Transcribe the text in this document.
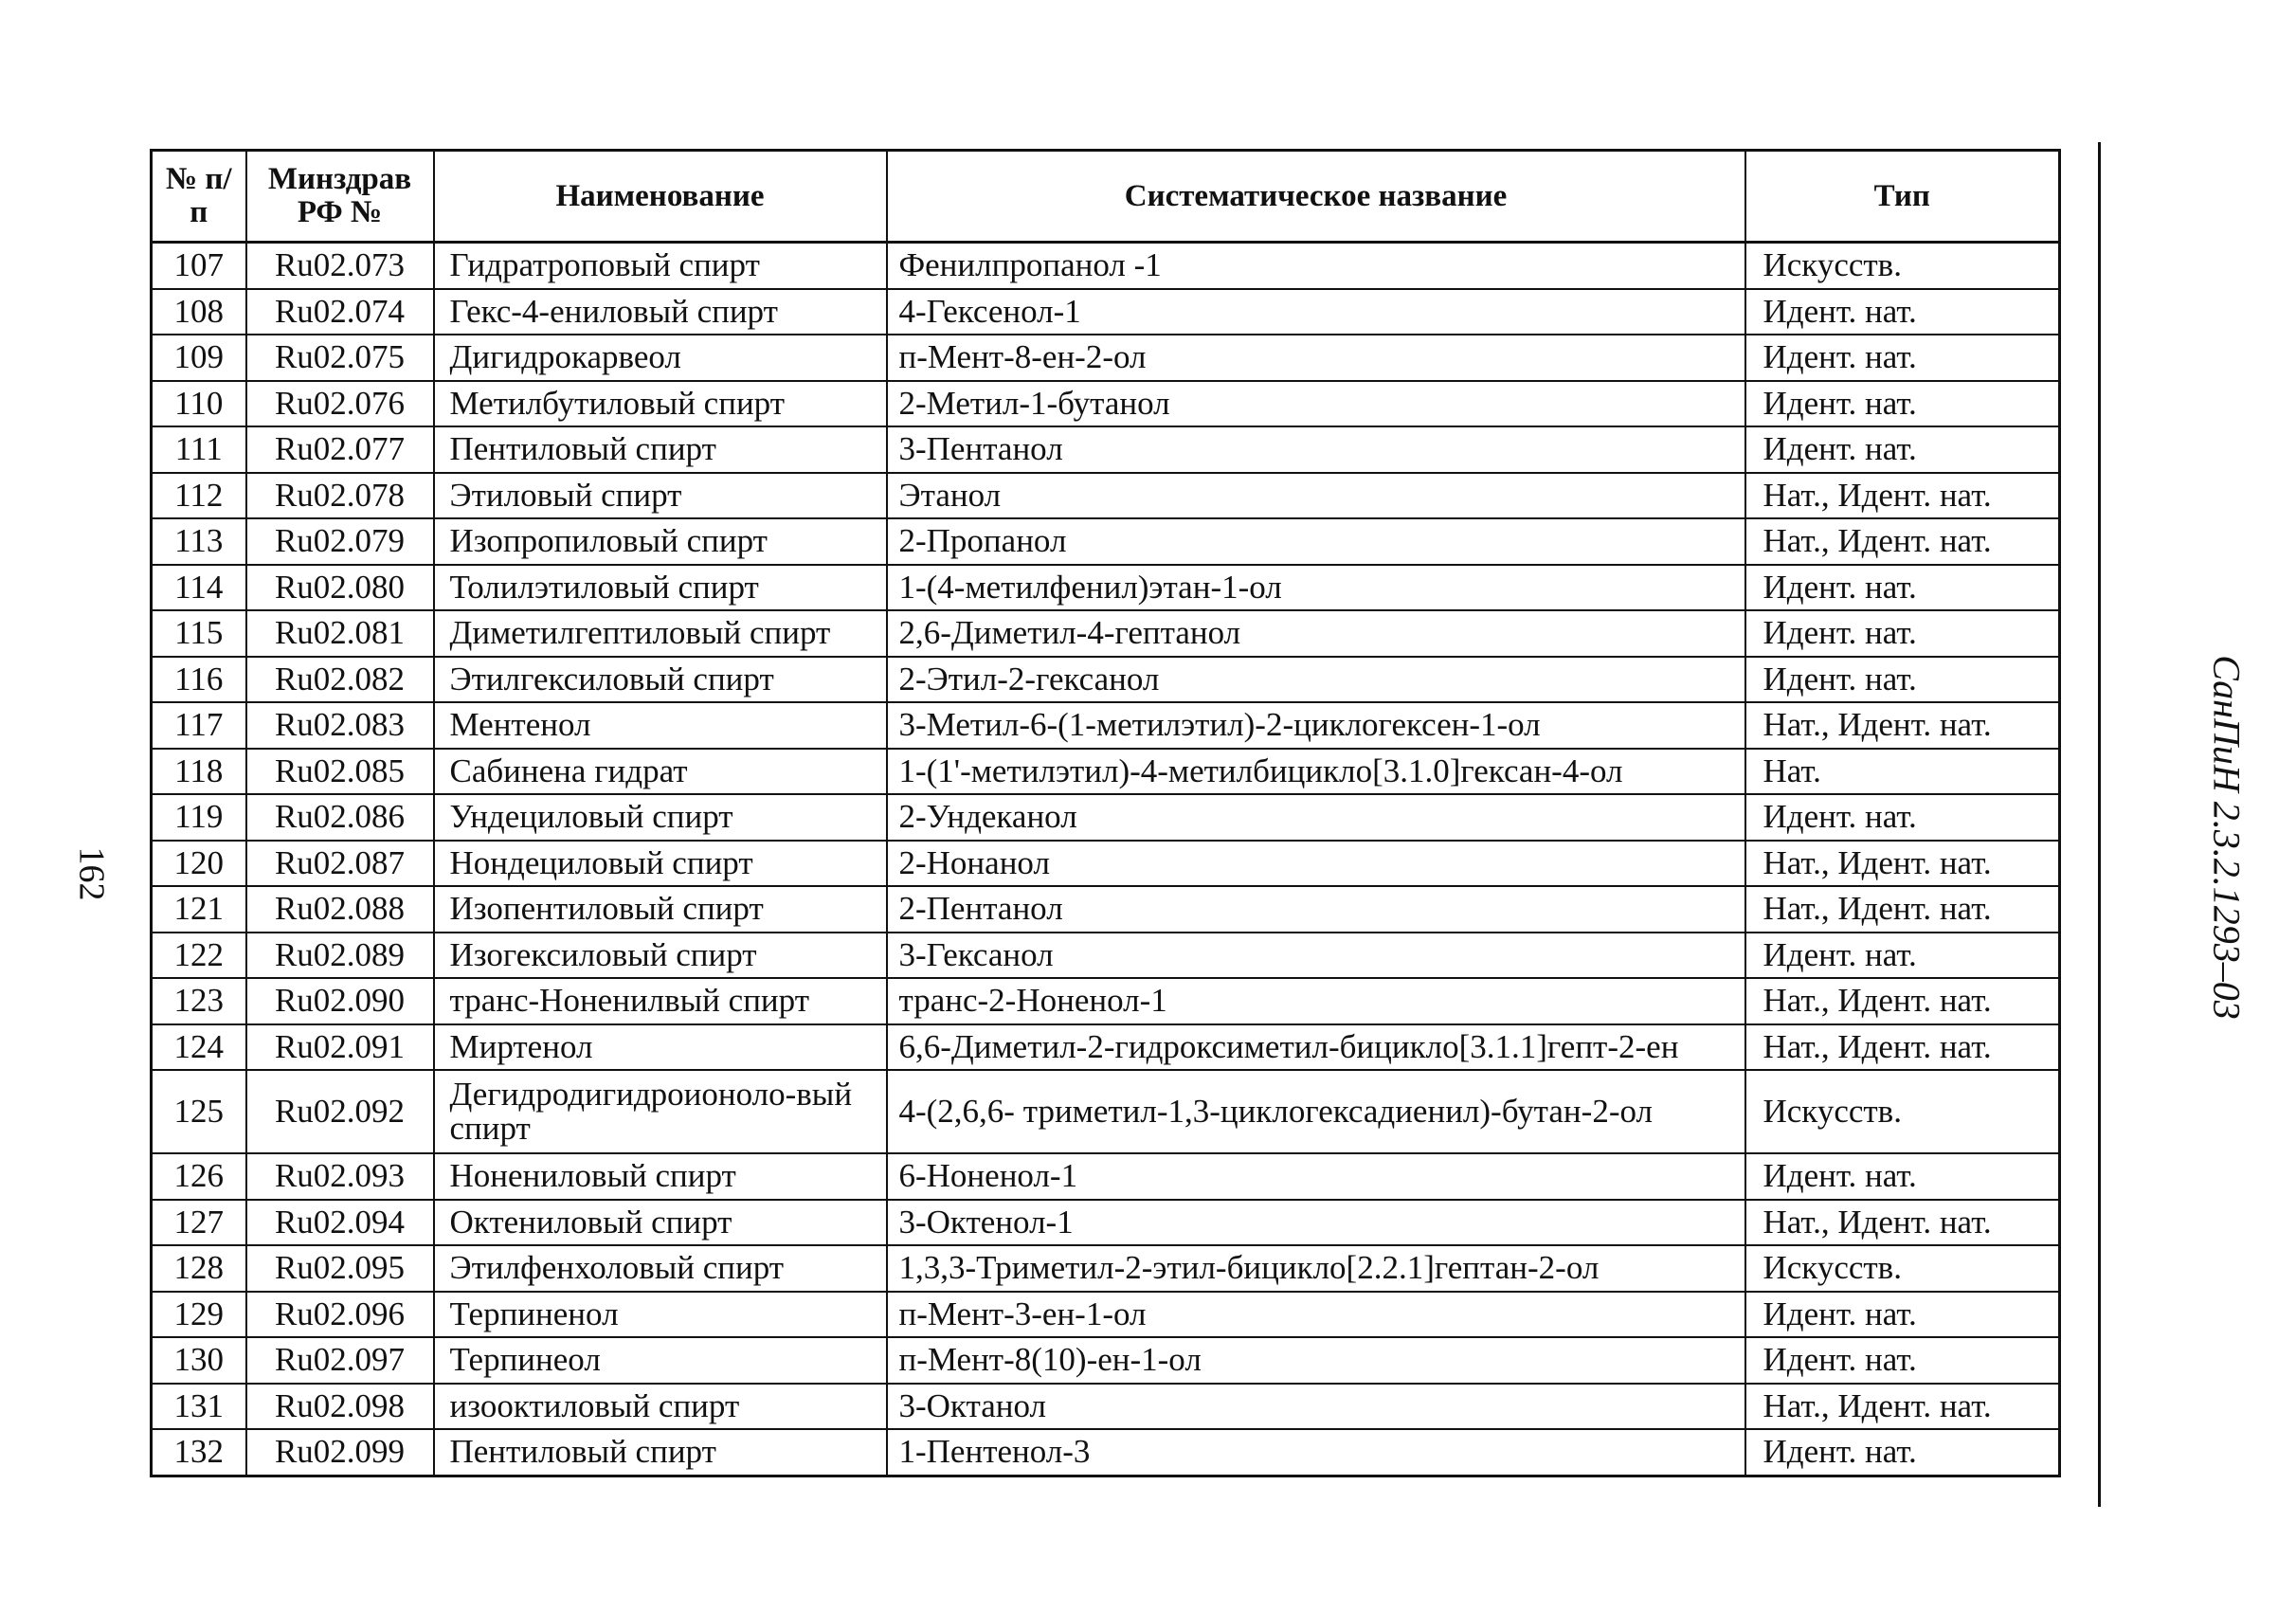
162
№ п/п	Минздрав РФ №	Наименование	Систематическое название	Тип
107	Ru02.073	Гидратроповый спирт	Фенилпропанол -1	Искусств.
108	Ru02.074	Гекс-4-ениловый спирт	4-Гексенол-1	Идент. нат.
109	Ru02.075	Дигидрокарвеол	п-Мент-8-ен-2-ол	Идент. нат.
110	Ru02.076	Метилбутиловый спирт	2-Метил-1-бутанол	Идент. нат.
111	Ru02.077	Пентиловый спирт	3-Пентанол	Идент. нат.
112	Ru02.078	Этиловый спирт	Этанол	Нат., Идент. нат.
113	Ru02.079	Изопропиловый спирт	2-Пропанол	Нат., Идент. нат.
114	Ru02.080	Толилэтиловый спирт	1-(4-метилфенил)этан-1-ол	Идент. нат.
115	Ru02.081	Диметилгептиловый спирт	2,6-Диметил-4-гептанол	Идент. нат.
116	Ru02.082	Этилгексиловый спирт	2-Этил-2-гексанол	Идент. нат.
117	Ru02.083	Ментенол	3-Метил-6-(1-метилэтил)-2-циклогексен-1-ол	Нат., Идент. нат.
118	Ru02.085	Сабинена гидрат	1-(1'-метилэтил)-4-метилбицикло[3.1.0]гексан-4-ол	Нат.
119	Ru02.086	Ундециловый спирт	2-Ундеканол	Идент. нат.
120	Ru02.087	Нондециловый спирт	2-Нонанол	Нат., Идент. нат.
121	Ru02.088	Изопентиловый спирт	2-Пентанол	Нат., Идент. нат.
122	Ru02.089	Изогексиловый спирт	3-Гексанол	Идент. нат.
123	Ru02.090	транс-Ноненилвый спирт	транс-2-Ноненол-1	Нат., Идент. нат.
124	Ru02.091	Миртенол	6,6-Диметил-2-гидроксиметил-бицикло[3.1.1]гепт-2-ен	Нат., Идент. нат.
125	Ru02.092	Дегидродигидроионоло-вый спирт	4-(2,6,6- триметил-1,3-циклогексадиенил)-бутан-2-ол	Искусств.
126	Ru02.093	Ноненилoвый спирт	6-Ноненол-1	Идент. нат.
127	Ru02.094	Октениловый спирт	3-Октенол-1	Нат., Идент. нат.
128	Ru02.095	Этилфенхоловый спирт	1,3,3-Триметил-2-этил-бицикло[2.2.1]гептан-2-ол	Искусств.
129	Ru02.096	Терпиненол	п-Мент-3-ен-1-ол	Идент. нат.
130	Ru02.097	Терпинеол	п-Мент-8(10)-ен-1-ол	Идент. нат.
131	Ru02.098	изооктиловый спирт	3-Октанол	Нат., Идент. нат.
132	Ru02.099	Пентиловый спирт	1-Пентенол-3	Идент. нат.
СанПиН 2.3.2.1293–03
